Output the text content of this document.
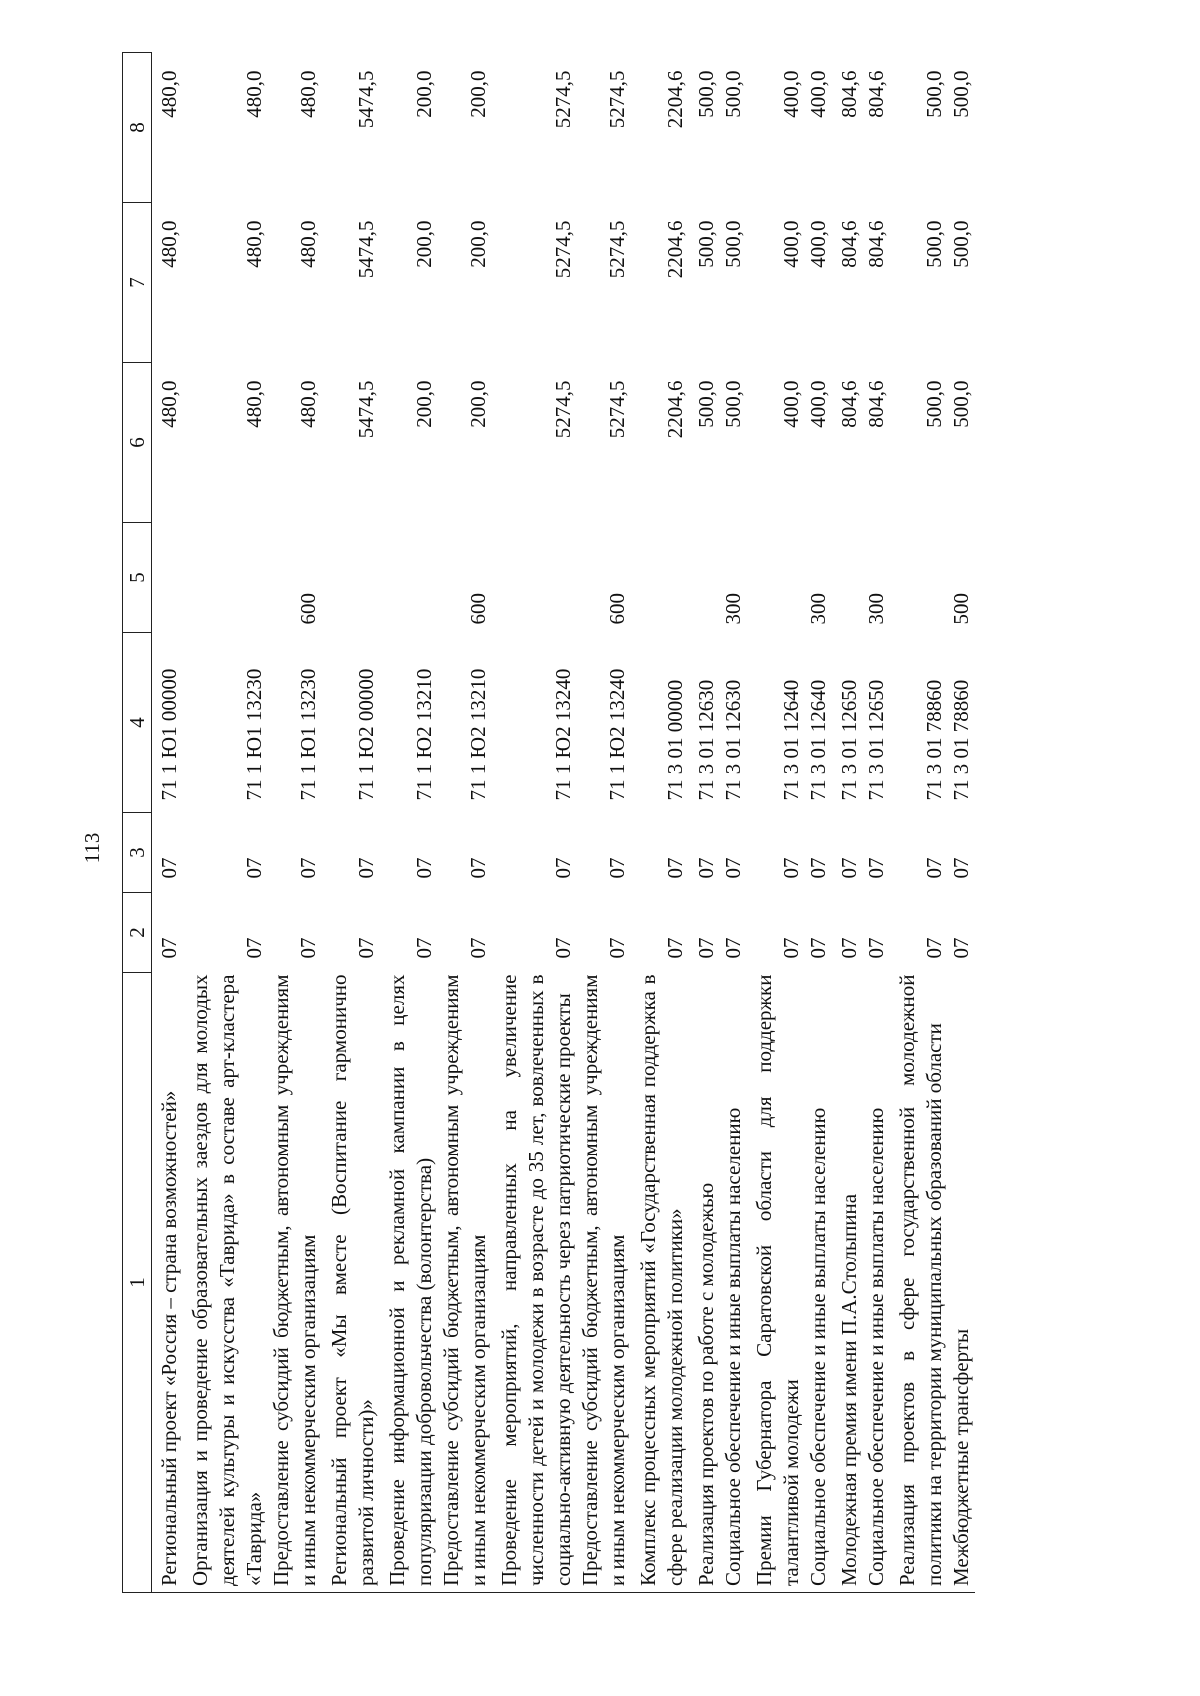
113
1	2	3	4	5	6	7	8
Региональный проект «Россия – страна возможностей»	07	07	71 1 Ю1 00000		480,0	480,0	480,0
Организация и проведение образовательных заездов для молодых деятелей культуры и искусства «Таврида» в составе арт-кластера «Таврида»	07	07	71 1 Ю1 13230		480,0	480,0	480,0
Предоставление субсидий бюджетным, автономным учреждениям и иным некоммерческим организациям	07	07	71 1 Ю1 13230	600	480,0	480,0	480,0
Региональный проект «Мы вместе (Воспитание гармонично развитой личности)»	07	07	71 1 Ю2 00000		5474,5	5474,5	5474,5
Проведение информационной и рекламной кампании в целях популяризации добровольчества (волонтерства)	07	07	71 1 Ю2 13210		200,0	200,0	200,0
Предоставление субсидий бюджетным, автономным учреждениям и иным некоммерческим организациям	07	07	71 1 Ю2 13210	600	200,0	200,0	200,0
Проведение мероприятий, направленных на увеличение численности детей и молодежи в возрасте до 35 лет, вовлеченных в социально-активную деятельность через патриотические проекты	07	07	71 1 Ю2 13240		5274,5	5274,5	5274,5
Предоставление субсидий бюджетным, автономным учреждениям и иным некоммерческим организациям	07	07	71 1 Ю2 13240	600	5274,5	5274,5	5274,5
Комплекс процессных мероприятий «Государственная поддержка в сфере реализации молодежной политики»	07	07	71 3 01 00000		2204,6	2204,6	2204,6
Реализация проектов по работе с молодежью	07	07	71 3 01 12630		500,0	500,0	500,0
Социальное обеспечение и иные выплаты населению	07	07	71 3 01 12630	300	500,0	500,0	500,0
Премии Губернатора Саратовской области для поддержки талантливой молодежи	07	07	71 3 01 12640		400,0	400,0	400,0
Социальное обеспечение и иные выплаты населению	07	07	71 3 01 12640	300	400,0	400,0	400,0
Молодежная премия имени П.А.Столыпина	07	07	71 3 01 12650		804,6	804,6	804,6
Социальное обеспечение и иные выплаты населению	07	07	71 3 01 12650	300	804,6	804,6	804,6
Реализация проектов в сфере государственной молодежной политики на территории муниципальных образований области	07	07	71 3 01 78860		500,0	500,0	500,0
Межбюджетные трансферты	07	07	71 3 01 78860	500	500,0	500,0	500,0
